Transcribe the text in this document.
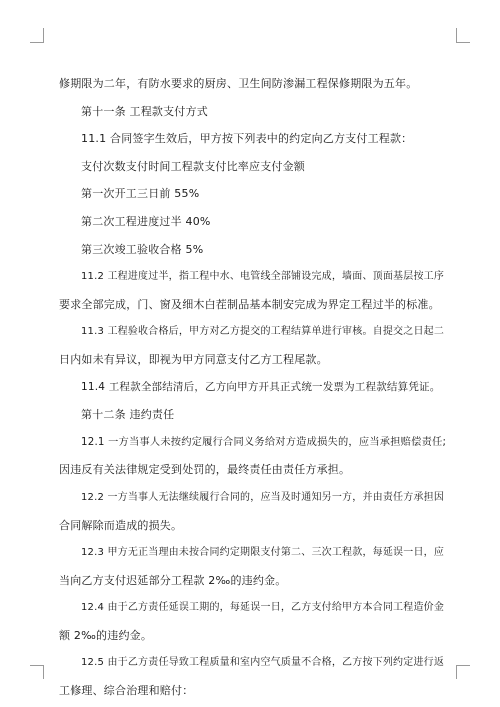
修期限为二年，有防水要求的厨房、卫生间防渗漏工程保修期限为五年。

第十一条 工程款支付方式

11.1 合同签字生效后，甲方按下列表中的约定向乙方支付工程款：

支付次数支付时间工程款支付比率应支付金额

第一次开工三日前 55%

第二次工程进度过半 40%

第三次竣工验收合格 5%

11.2 工程进度过半，指工程中水、电管线全部铺设完成，墙面、顶面基层按工序

要求全部完成，门、窗及细木白茬制品基本制安完成为界定工程过半的标准。

11.3 工程验收合格后，甲方对乙方提交的工程结算单进行审核。自提交之日起二

日内如未有异议，即视为甲方同意支付乙方工程尾款。

11.4 工程款全部结清后，乙方向甲方开具正式统一发票为工程款结算凭证。

第十二条 违约责任

12.1 一方当事人未按约定履行合同义务给对方造成损失的，应当承担赔偿责任;

因违反有关法律规定受到处罚的，最终责任由责任方承担。

12.2 一方当事人无法继续履行合同的，应当及时通知另一方，并由责任方承担因

合同解除而造成的损失。

12.3 甲方无正当理由未按合同约定期限支付第二、三次工程款，每延误一日，应

当向乙方支付迟延部分工程款 2‰的违约金。

12.4 由于乙方责任延误工期的，每延误一日，乙方支付给甲方本合同工程造价金

额 2‰的违约金。

12.5 由于乙方责任导致工程质量和室内空气质量不合格，乙方按下列约定进行返

工修理、综合治理和赔付：
